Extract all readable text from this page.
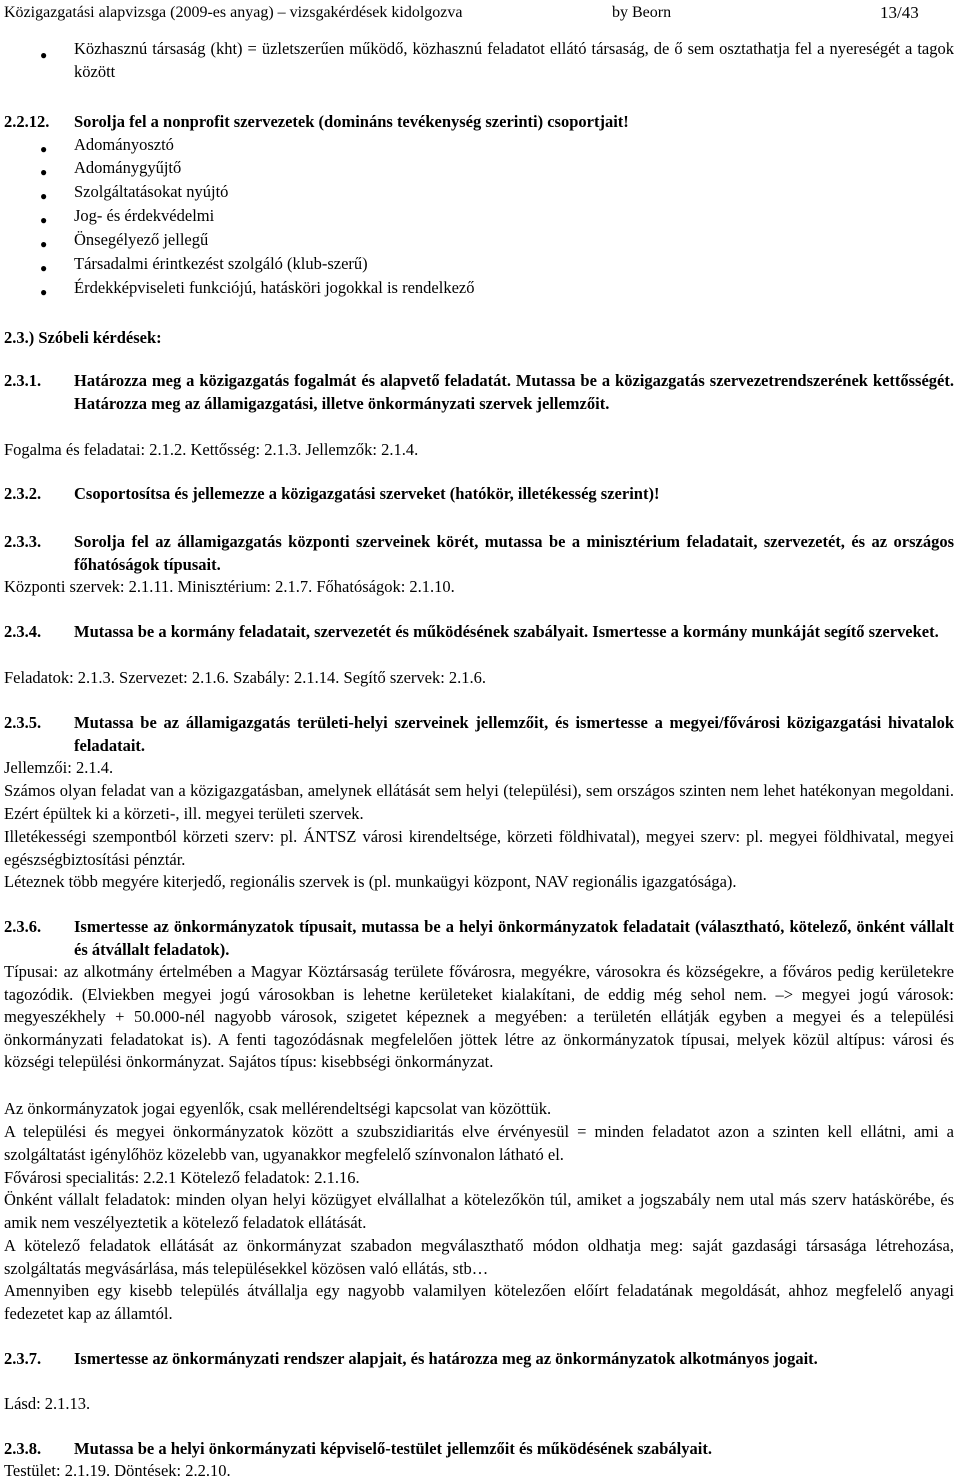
Közigazgatási alapvizsga (2009-es anyag) – vizsgakérdések kidolgozva	by Beorn	13/43
● Közhasznú társaság (kht) = üzletszerűen működő, közhasznú feladatot ellátó társaság, de ő sem osztathatja fel a nyereségét a tagok között
2.2.12. Sorolja fel a nonprofit szervezetek (domináns tevékenység szerinti) csoportjait!
● Adományosztó
● Adománygyűjtő
● Szolgáltatásokat nyújtó
● Jog- és érdekvédelmi
● Önsegélyező jellegű
● Társadalmi érintkezést szolgáló (klub-szerű)
● Érdekképviseleti funkciójú, hatásköri jogokkal is rendelkező
2.3.) Szóbeli kérdések:
2.3.1. Határozza meg a közigazgatás fogalmát és alapvető feladatát. Mutassa be a közigazgatás szervezetrendszerének kettősségét. Határozza meg az államigazgatási, illetve önkormányzati szervek jellemzőit.
Fogalma és feladatai: 2.1.2. Kettősség: 2.1.3. Jellemzők: 2.1.4.
2.3.2. Csoportosítsa és jellemezze a közigazgatási szerveket (hatókör, illetékesség szerint)!
2.3.3. Sorolja fel az államigazgatás központi szerveinek körét, mutassa be a minisztérium feladatait, szervezetét, és az országos főhatóságok típusait.
Központi szervek: 2.1.11. Minisztérium: 2.1.7. Főhatóságok: 2.1.10.
2.3.4. Mutassa be a kormány feladatait, szervezetét és működésének szabályait. Ismertesse a kormány munkáját segítő szerveket.
Feladatok: 2.1.3. Szervezet: 2.1.6. Szabály: 2.1.14. Segítő szervek: 2.1.6.
2.3.5. Mutassa be az államigazgatás területi-helyi szerveinek jellemzőit, és ismertesse a megyei/fővárosi közigazgatási hivatalok feladatait.
Jellemzői: 2.1.4.
Számos olyan feladat van a közigazgatásban, amelynek ellátását sem helyi (települési), sem országos szinten nem lehet hatékonyan megoldani. Ezért épültek ki a körzeti-, ill. megyei területi szervek.
Illetékességi szempontból körzeti szerv: pl. ÁNTSZ városi kirendeltsége, körzeti földhivatal), megyei szerv: pl. megyei földhivatal, megyei egészségbiztosítási pénztár.
Léteznek több megyére kiterjedő, regionális szervek is (pl. munkaügyi központ, NAV regionális igazgatósága).
2.3.6. Ismertesse az önkormányzatok típusait, mutassa be a helyi önkormányzatok feladatait (választható, kötelező, önként vállalt és átvállalt feladatok).
Típusai: az alkotmány értelmében a Magyar Köztársaság területe fővárosra, megyékre, városokra és községekre, a főváros pedig kerületekre tagozódik. (Elviekben megyei jogú városokban is lehetne kerületeket kialakítani, de eddig még sehol nem. –> megyei jogú városok: megyeszékhely + 50.000-nél nagyobb városok, szigetet képeznek a megyében: a területén ellátják egyben a megyei és a települési önkormányzati feladatokat is). A fenti tagozódásnak megfelelően jöttek létre az önkormányzatok típusai, melyek közül altípus: városi és községi települési önkormányzat. Sajátos típus: kisebbségi önkormányzat.
Az önkormányzatok jogai egyenlők, csak mellérendeltségi kapcsolat van közöttük.
A települési és megyei önkormányzatok között a szubszidiaritás elve érvényesül = minden feladatot azon a szinten kell ellátni, ami a szolgáltatást igénylőhöz közelebb van, ugyanakkor megfelelő színvonalon látható el.
Fővárosi specialitás: 2.2.1 Kötelező feladatok: 2.1.16.
Önként vállalt feladatok: minden olyan helyi közügyet elvállalhat a kötelezőkön túl, amiket a jogszabály nem utal más szerv hatáskörébe, és amik nem veszélyeztetik a kötelező feladatok ellátását.
A kötelező feladatok ellátását az önkormányzat szabadon megválaszthatő módon oldhatja meg: saját gazdasági társasága létrehozása, szolgáltatás megvásárlása, más településekkel közösen való ellátás, stb…
Amennyiben egy kisebb település átvállalja egy nagyobb valamilyen kötelezően előírt feladatának megoldását, ahhoz megfelelő anyagi fedezetet kap az államtól.
2.3.7. Ismertesse az önkormányzati rendszer alapjait, és határozza meg az önkormányzatok alkotmányos jogait.
Lásd: 2.1.13.
2.3.8. Mutassa be a helyi önkormányzati képviselő-testület jellemzőit és működésének szabályait.
Testület: 2.1.19. Döntések: 2.2.10.
